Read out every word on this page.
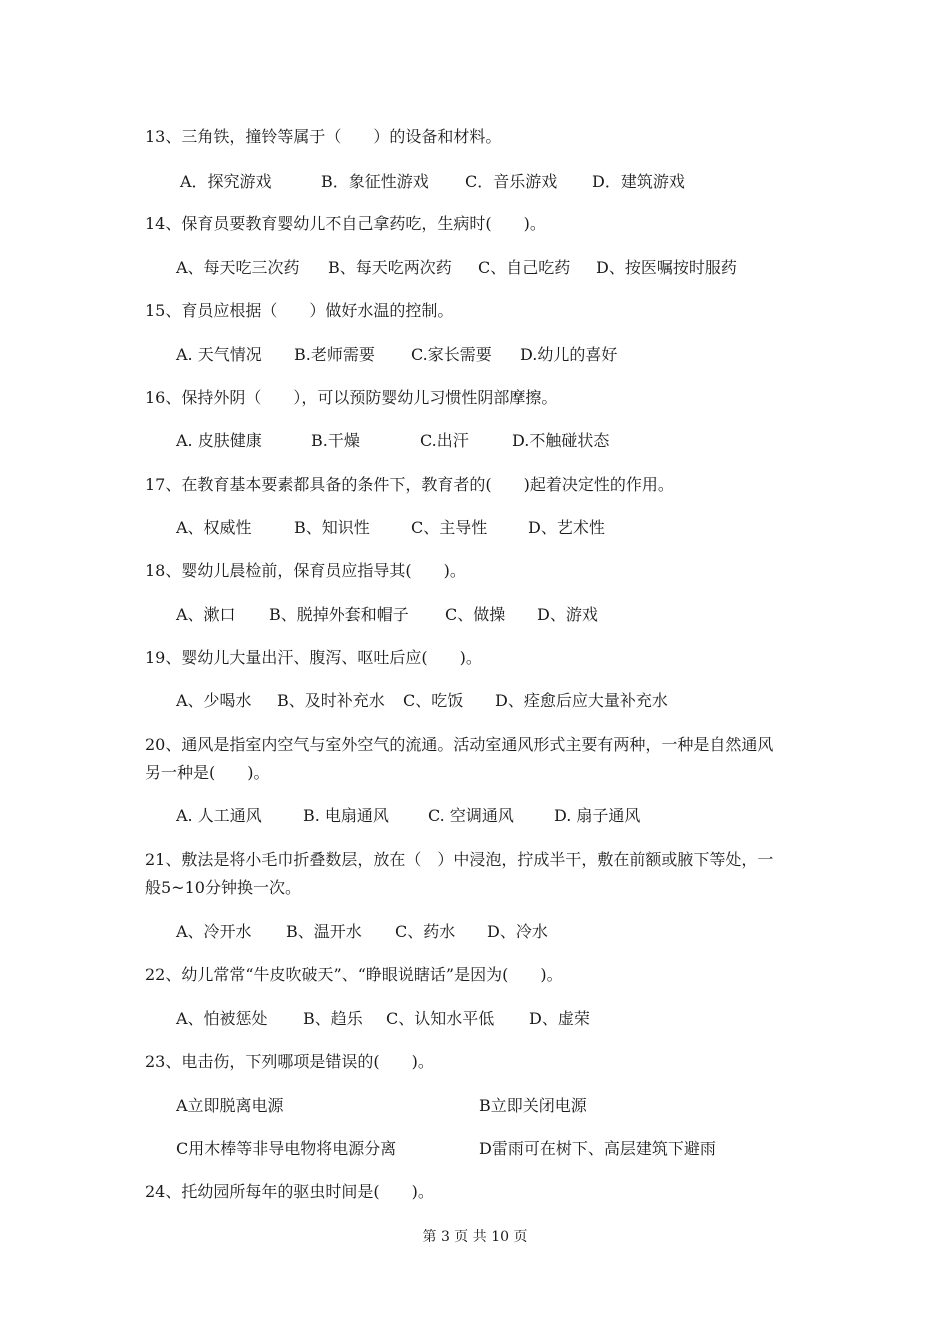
13、三角铁，撞铃等属于（　　）的设备和材料。
A．探究游戏	B．象征性游戏 C．音乐游戏 D．建筑游戏
14、保育员要教育婴幼儿不自己拿药吃，生病时(　　)。
A、每天吃三次药 B、每天吃两次药 C、自己吃药 D、按医嘱按时服药
15、育员应根据（　　）做好水温的控制。
A. 天气情况 B.老师需要 C.家长需要 D.幼儿的喜好
16、保持外阴（　　），可以预防婴幼儿习惯性阴部摩擦。
A. 皮肤健康	B.干燥	C.出汗	D.不触碰状态
17、在教育基本要素都具备的条件下，教育者的(　　)起着决定性的作用。
A、权威性	B、知识性	C、主导性	D、艺术性
18、婴幼儿晨检前，保育员应指导其(　　)。
A、漱口 B、脱掉外套和帽子 C、做操 D、游戏
19、婴幼儿大量出汗、腹泻、呕吐后应(　　)。
A、少喝水 B、及时补充水 C、吃饭 D、痊愈后应大量补充水
20、通风是指室内空气与室外空气的流通。活动室通风形式主要有两种，一种是自然通风
另一种是(　　)。
A. 人工通风	B. 电扇通风 C. 空调通风	D. 扇子通风
21、敷法是将小毛巾折叠数层，放在（　）中浸泡，拧成半干，敷在前额或腋下等处，一
般5~10分钟换一次。
A、冷开水 B、温开水 C、药水 D、冷水
22、幼儿常常“牛皮吹破天”、“睁眼说瞎话”是因为(　　)。
A、怕被惩处 B、趋乐 C、认知水平低 D、虚荣
23、电击伤，下列哪项是错误的(　　)。
A立即脱离电源	B立即关闭电源
C用木棒等非导电物将电源分离	D雷雨可在树下、高层建筑下避雨
24、托幼园所每年的驱虫时间是(　　)。
第 3 页 共 10 页
